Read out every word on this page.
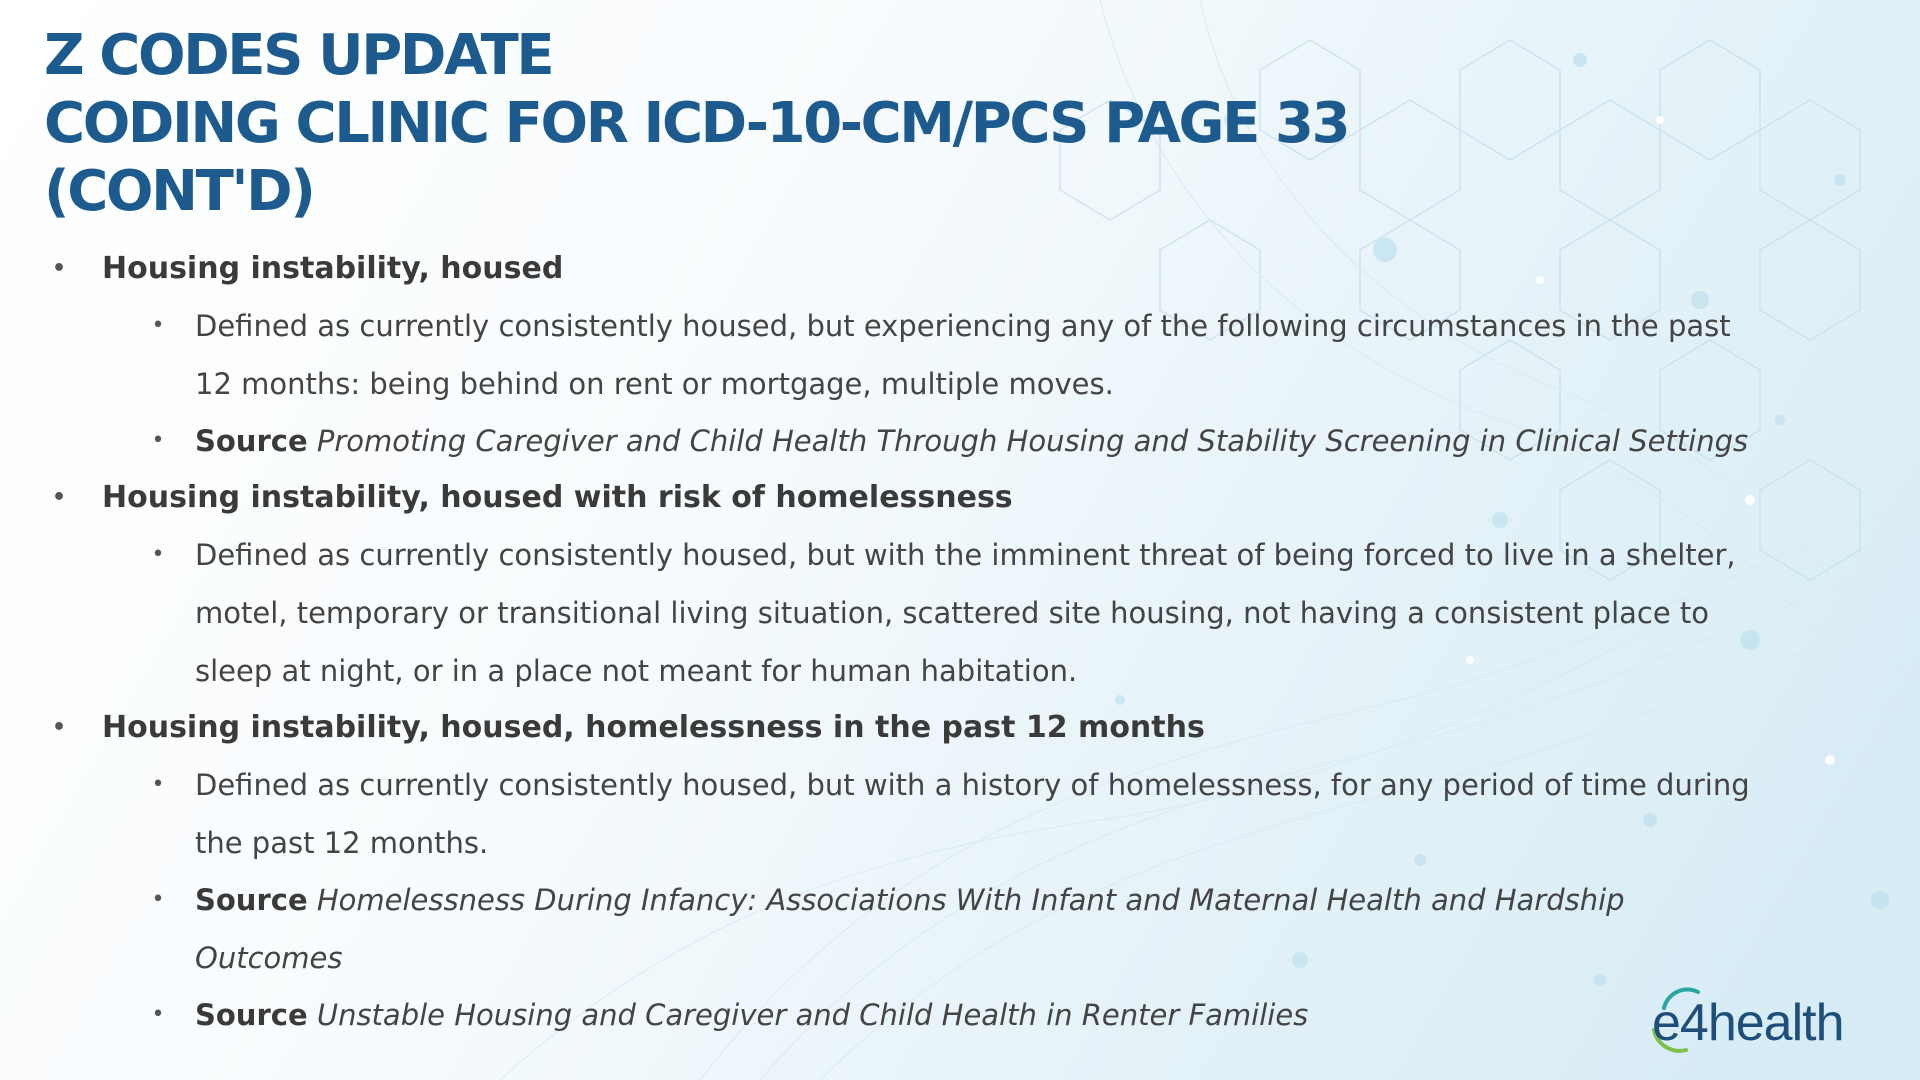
Z CODES UPDATE
CODING CLINIC FOR ICD-10-CM/PCS PAGE 33
(CONT'D)
• Housing instability, housed
• Defined as currently consistently housed, but experiencing any of the following circumstances in the past 12 months: being behind on rent or mortgage, multiple moves.
• Source Promoting Caregiver and Child Health Through Housing and Stability Screening in Clinical Settings
• Housing instability, housed with risk of homelessness
• Defined as currently consistently housed, but with the imminent threat of being forced to live in a shelter, motel, temporary or transitional living situation, scattered site housing, not having a consistent place to sleep at night, or in a place not meant for human habitation.
• Housing instability, housed, homelessness in the past 12 months
• Defined as currently consistently housed, but with a history of homelessness, for any period of time during the past 12 months.
• Source Homelessness During Infancy: Associations With Infant and Maternal Health and Hardship Outcomes
• Source Unstable Housing and Caregiver and Child Health in Renter Families	e4health
